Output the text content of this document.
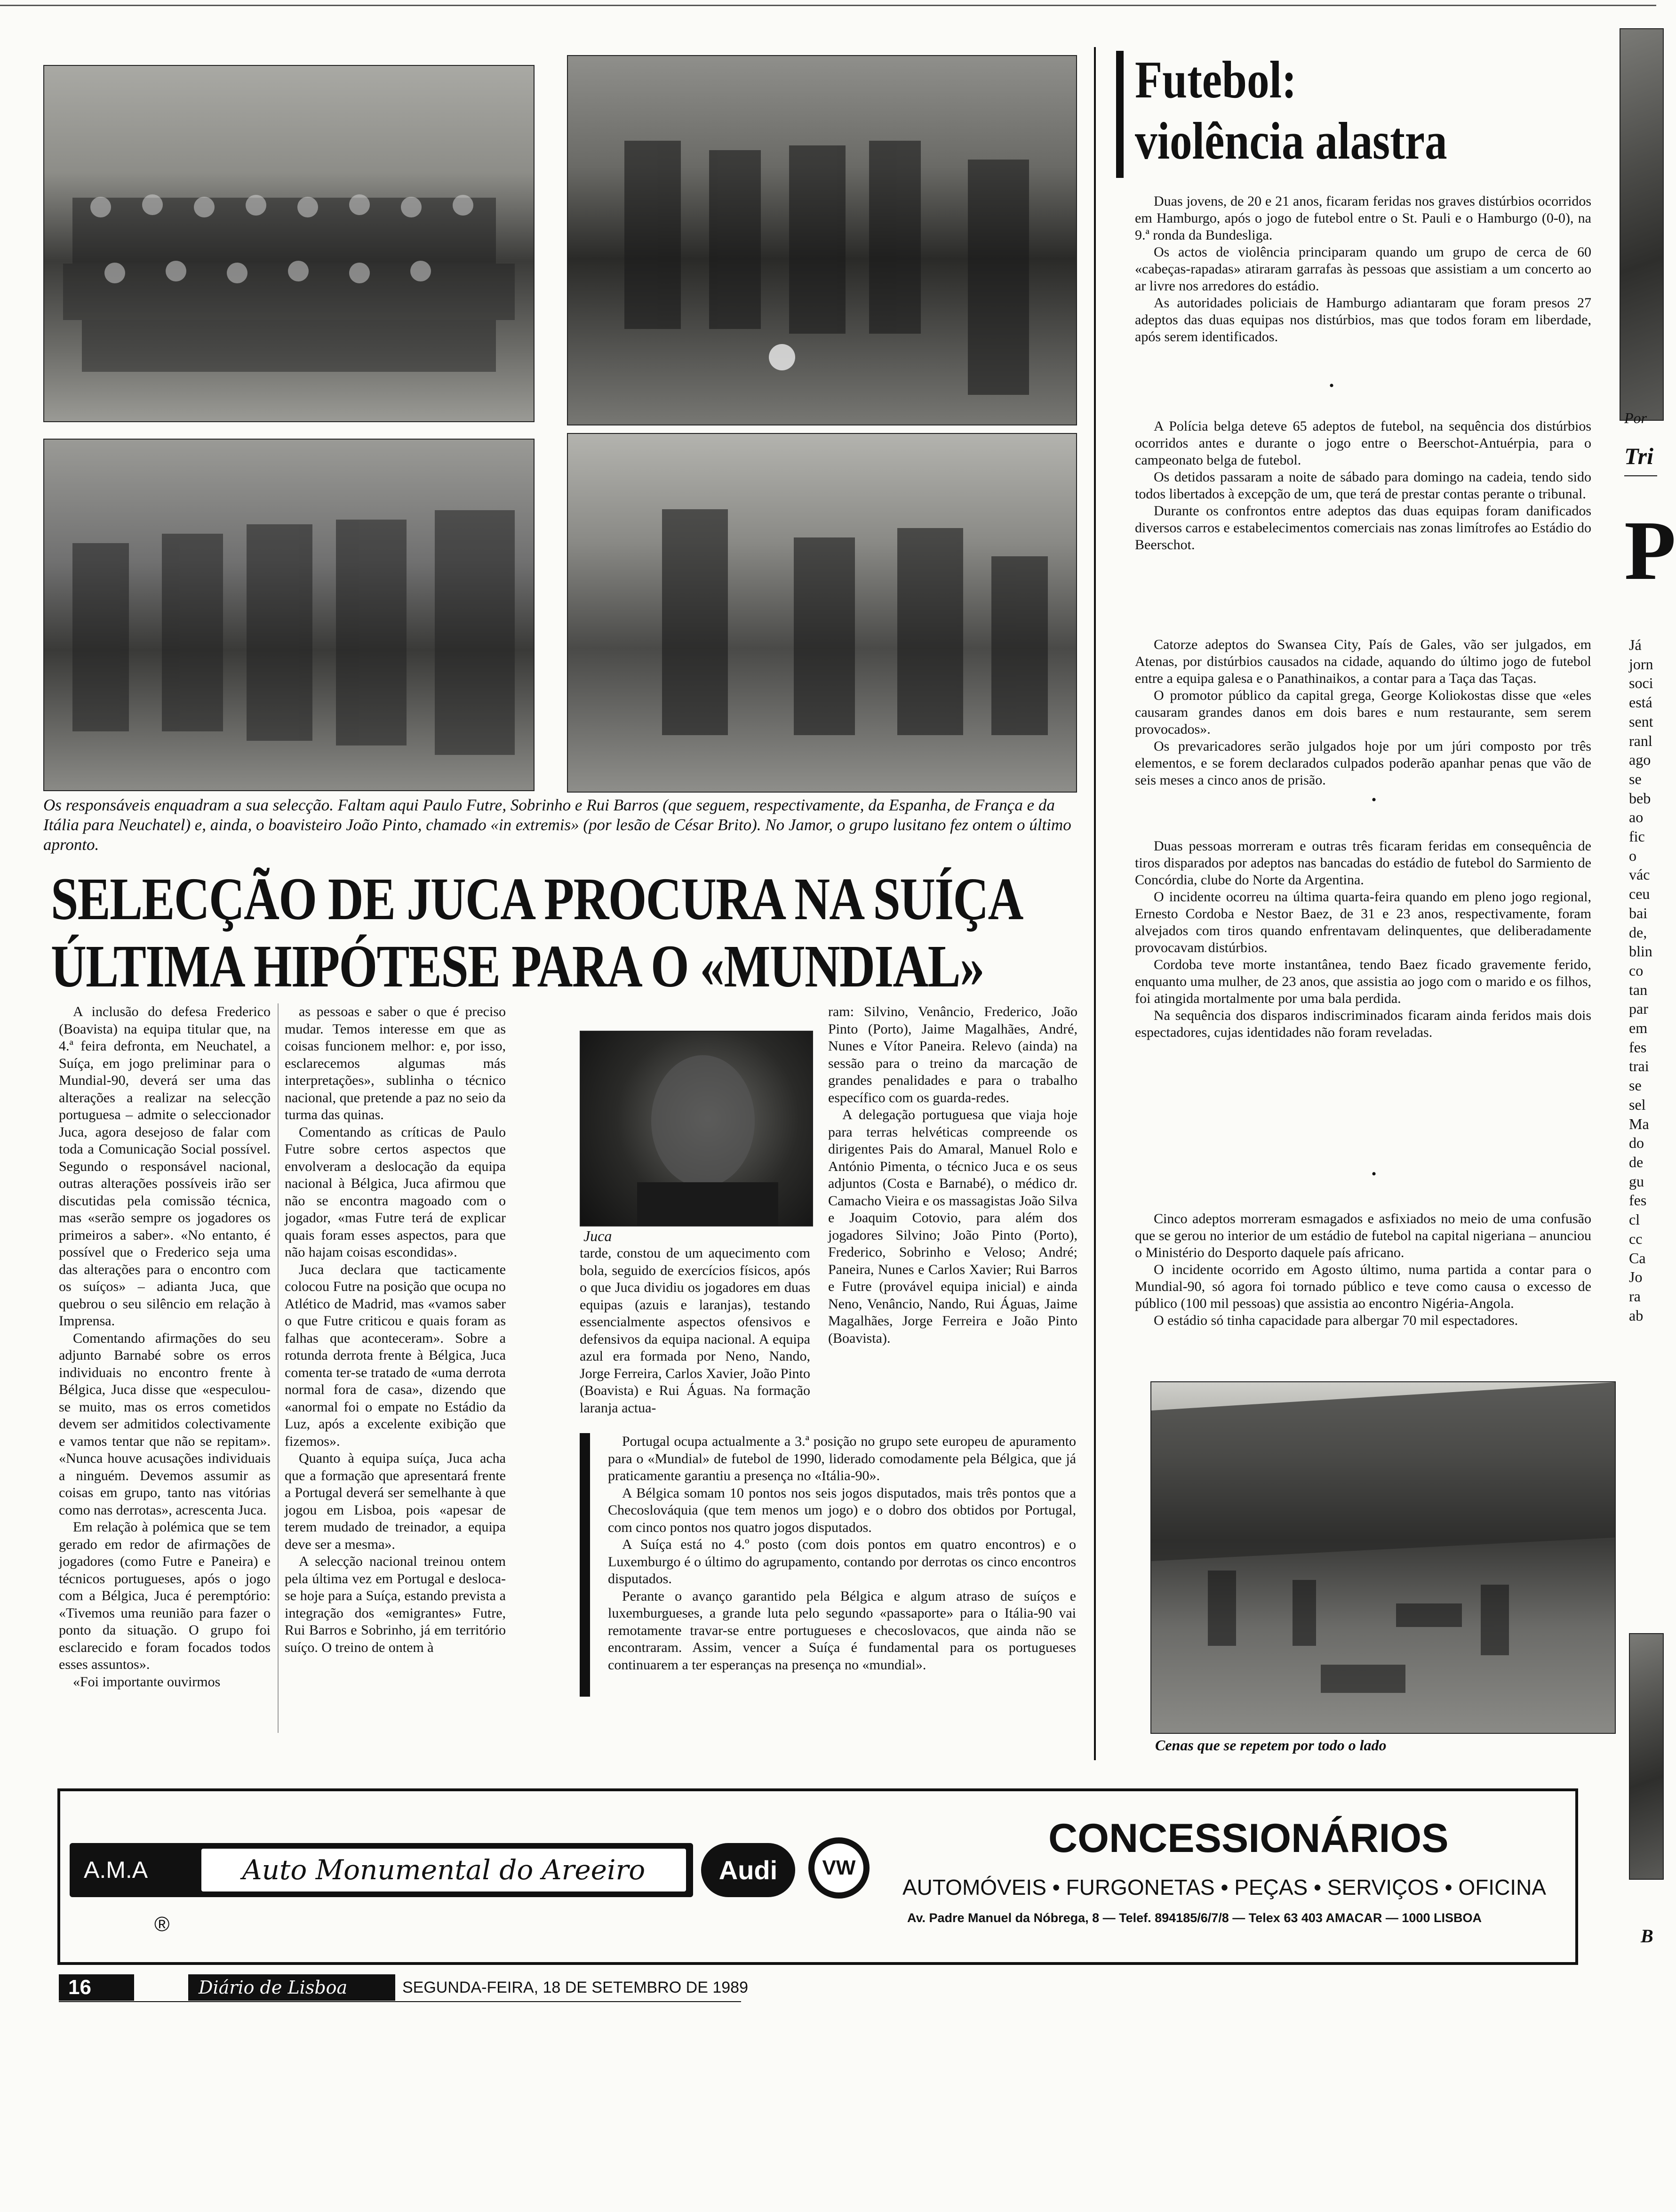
Os responsáveis enquadram a sua selecção. Faltam aqui Paulo Futre, Sobrinho e Rui Barros (que seguem, respectivamente, da Espanha, de França e da Itália para Neuchatel) e, ainda, o boavisteiro João Pinto, chamado «in extremis» (por lesão de César Brito). No Jamor, o grupo lusitano fez ontem o último apronto.
SELECÇÃO DE JUCA PROCURA NA SUÍÇA
ÚLTIMA HIPÓTESE PARA O «MUNDIAL»

A inclusão do defesa Frederico (Boavista) na equipa titular que, na 4.ª feira defronta, em Neuchatel, a Suíça, em jogo preliminar para o Mundial-90, deverá ser uma das alterações a realizar na selecção portuguesa – admite o seleccionador Juca, agora desejoso de falar com toda a Comunicação Social possível. Segundo o responsável nacional, outras alterações possíveis irão ser discutidas pela comissão técnica, mas «serão sempre os jogadores os primeiros a saber». «No entanto, é possível que o Frederico seja uma das alterações para o encontro com os suíços» – adianta Juca, que quebrou o seu silêncio em relação à Imprensa.

Comentando afirmações do seu adjunto Barnabé sobre os erros individuais no encontro frente à Bélgica, Juca disse que «especulou-se muito, mas os erros cometidos devem ser admitidos colectivamente e vamos tentar que não se repitam». «Nunca houve acusações individuais a ninguém. Devemos assumir as coisas em grupo, tanto nas vitórias como nas derrotas», acrescenta Juca.

Em relação à polémica que se tem gerado em redor de afirmações de jogadores (como Futre e Paneira) e técnicos portugueses, após o jogo com a Bélgica, Juca é peremptório: «Tivemos uma reunião para fazer o ponto da situação. O grupo foi esclarecido e foram focados todos esses assuntos».

«Foi importante ouvirmos

as pessoas e saber o que é preciso mudar. Temos interesse em que as coisas funcionem melhor: e, por isso, esclarecemos algumas más interpretações», sublinha o técnico nacional, que pretende a paz no seio da turma das quinas.

Comentando as críticas de Paulo Futre sobre certos aspectos que envolveram a deslocação da equipa nacional à Bélgica, Juca afirmou que não se encontra magoado com o jogador, «mas Futre terá de explicar quais foram esses aspectos, para que não hajam coisas escondidas».

Juca declara que tacticamente colocou Futre na posição que ocupa no Atlético de Madrid, mas «vamos saber o que Futre criticou e quais foram as falhas que aconteceram». Sobre a rotunda derrota frente à Bélgica, Juca comenta ter-se tratado de «uma derrota normal fora de casa», dizendo que «anormal foi o empate no Estádio da Luz, após a excelente exibição que fizemos».

Quanto à equipa suíça, Juca acha que a formação que apresentará frente a Portugal deverá ser semelhante à que jogou em Lisboa, pois «apesar de terem mudado de treinador, a equipa deve ser a mesma».

A selecção nacional treinou ontem pela última vez em Portugal e desloca-se hoje para a Suíça, estando prevista a integração dos «emigrantes» Futre, Rui Barros e Sobrinho, já em território suíço. O treino de ontem à

Juca

tarde, constou de um aquecimento com bola, seguido de exercícios físicos, após o que Juca dividiu os jogadores em duas equipas (azuis e laranjas), testando essencialmente aspectos ofensivos e defensivos da equipa nacional. A equipa azul era formada por Neno, Nando, Jorge Ferreira, Carlos Xavier, João Pinto (Boavista) e Rui Águas. Na formação laranja actua-

ram: Silvino, Venâncio, Frederico, João Pinto (Porto), Jaime Magalhães, André, Nunes e Vítor Paneira. Relevo (ainda) na sessão para o treino da marcação de grandes penalidades e para o trabalho específico com os guarda-redes.

A delegação portuguesa que viaja hoje para terras helvéticas compreende os dirigentes Pais do Amaral, Manuel Rolo e António Pimenta, o técnico Juca e os seus adjuntos (Costa e Barnabé), o médico dr. Camacho Vieira e os massagistas João Silva e Joaquim Cotovio, para além dos jogadores Silvino; João Pinto (Porto), Frederico, Sobrinho e Veloso; André; Paneira, Nunes e Carlos Xavier; Rui Barros e Futre (provável equipa inicial) e ainda Neno, Venâncio, Nando, Rui Águas, Jaime Magalhães, Jorge Ferreira e João Pinto (Boavista).

Portugal ocupa actualmente a 3.ª posição no grupo sete europeu de apuramento para o «Mundial» de futebol de 1990, liderado comodamente pela Bélgica, que já praticamente garantiu a presença no «Itália-90».

A Bélgica somam 10 pontos nos seis jogos disputados, mais três pontos que a Checoslováquia (que tem menos um jogo) e o dobro dos obtidos por Portugal, com cinco pontos nos quatro jogos disputados.

A Suíça está no 4.º posto (com dois pontos em quatro encontros) e o Luxemburgo é o último do agrupamento, contando por derrotas os cinco encontros disputados.

Perante o avanço garantido pela Bélgica e algum atraso de suíços e luxemburgueses, a grande luta pelo segundo «passaporte» para o Itália-90 vai remotamente travar-se entre portugueses e checoslovacos, que ainda não se encontraram. Assim, vencer a Suíça é fundamental para os portugueses continuarem a ter esperanças na presença no «mundial».

Futebol:
violência alastra

Duas jovens, de 20 e 21 anos, ficaram feridas nos graves distúrbios ocorridos em Hamburgo, após o jogo de futebol entre o St. Pauli e o Hamburgo (0-0), na 9.ª ronda da Bundesliga.

Os actos de violência principaram quando um grupo de cerca de 60 «cabeças-rapadas» atiraram garrafas às pessoas que assistiam a um concerto ao ar livre nos arredores do estádio.

As autoridades policiais de Hamburgo adiantaram que foram presos 27 adeptos das duas equipas nos distúrbios, mas que todos foram em liberdade, após serem identificados.

•

A Polícia belga deteve 65 adeptos de futebol, na sequência dos distúrbios ocorridos antes e durante o jogo entre o Beerschot-Antuérpia, para o campeonato belga de futebol.

Os detidos passaram a noite de sábado para domingo na cadeia, tendo sido todos libertados à excepção de um, que terá de prestar contas perante o tribunal.

Durante os confrontos entre adeptos das duas equipas foram danificados diversos carros e estabelecimentos comerciais nas zonas limítrofes ao Estádio do Beerschot.

Catorze adeptos do Swansea City, País de Gales, vão ser julgados, em Atenas, por distúrbios causados na cidade, aquando do último jogo de futebol entre a equipa galesa e o Panathinaikos, a contar para a Taça das Taças.

O promotor público da capital grega, George Koliokostas disse que «eles causaram grandes danos em dois bares e num restaurante, sem serem provocados».

Os prevaricadores serão julgados hoje por um júri composto por três elementos, e se forem declarados culpados poderão apanhar penas que vão de seis meses a cinco anos de prisão.

•

Duas pessoas morreram e outras três ficaram feridas em consequência de tiros disparados por adeptos nas bancadas do estádio de futebol do Sarmiento de Concórdia, clube do Norte da Argentina.

O incidente ocorreu na última quarta-feira quando em pleno jogo regional, Ernesto Cordoba e Nestor Baez, de 31 e 23 anos, respectivamente, foram alvejados com tiros quando enfrentavam delinquentes, que deliberadamente provocavam distúrbios.

Cordoba teve morte instantânea, tendo Baez ficado gravemente ferido, enquanto uma mulher, de 23 anos, que assistia ao jogo com o marido e os filhos, foi atingida mortalmente por uma bala perdida.

Na sequência dos disparos indiscriminados ficaram ainda feridos mais dois espectadores, cujas identidades não foram reveladas.

•

Cinco adeptos morreram esmagados e asfixiados no meio de uma confusão que se gerou no interior de um estádio de futebol na capital nigeriana – anunciou o Ministério do Desporto daquele país africano.

O incidente ocorrido em Agosto último, numa partida a contar para o Mundial-90, só agora foi tornado público e teve como causa o excesso de público (100 mil pessoas) que assistia ao encontro Nigéria-Angola.

O estádio só tinha capacidade para albergar 70 mil espectadores.

Cenas que se repetem por todo o lado
Por
Tri
P
Já
jorn
soci
está
sent
ranl
ago
se
beb
ao
fic
o
vác
ceu
bai
de,
blin
co
tan
par
em
fes
trai
se
sel
Ma
do
de
gu
fes
cl
cc
Ca
Jo
ra
ab
B
A.M.A	Auto Monumental do Areeiro
®
Audi VW
CONCESSIONÁRIOS
AUTOMÓVEIS • FURGONETAS • PEÇAS • SERVIÇOS • OFICINA
Av. Padre Manuel da Nóbrega, 8 — Telef. 894185/6/7/8 — Telex 63 403 AMACAR — 1000 LISBOA
16	Diário de Lisboa	SEGUNDA-FEIRA, 18 DE SETEMBRO DE 1989
